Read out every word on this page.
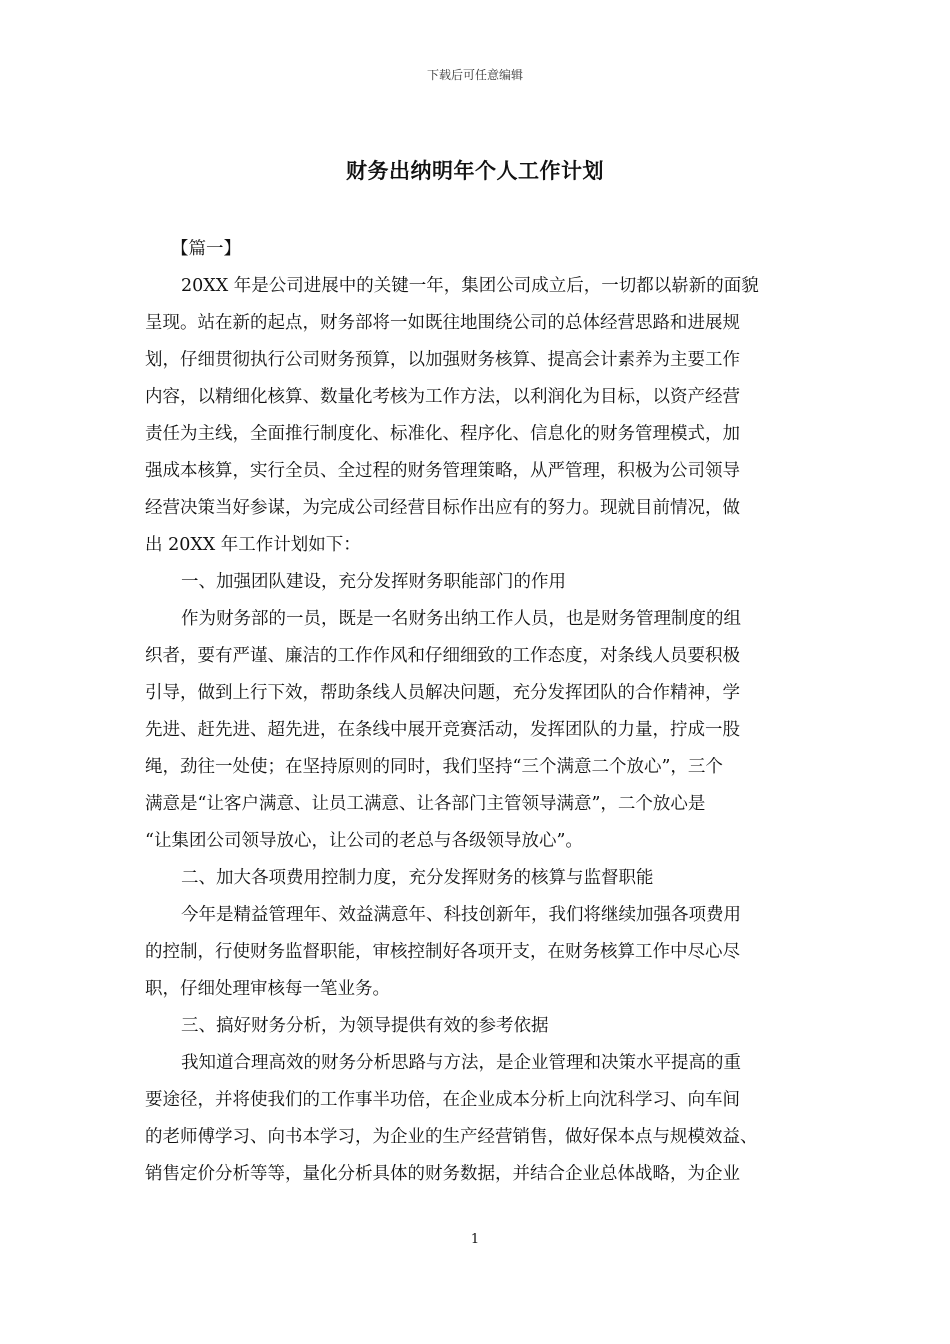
下载后可任意编辑
财务出纳明年个人工作计划
【篇一】
20XX 年是公司进展中的关键一年，集团公司成立后，一切都以崭新的面貌
呈现。站在新的起点，财务部将一如既往地围绕公司的总体经营思路和进展规
划，仔细贯彻执行公司财务预算，以加强财务核算、提高会计素养为主要工作
内容，以精细化核算、数量化考核为工作方法，以利润化为目标，以资产经营
责任为主线，全面推行制度化、标准化、程序化、信息化的财务管理模式，加
强成本核算，实行全员、全过程的财务管理策略，从严管理，积极为公司领导
经营决策当好参谋，为完成公司经营目标作出应有的努力。现就目前情况，做
出 20XX 年工作计划如下：
一、加强团队建设，充分发挥财务职能部门的作用
作为财务部的一员，既是一名财务出纳工作人员，也是财务管理制度的组
织者，要有严谨、廉洁的工作作风和仔细细致的工作态度，对条线人员要积极
引导，做到上行下效，帮助条线人员解决问题，充分发挥团队的合作精神，学
先进、赶先进、超先进，在条线中展开竞赛活动，发挥团队的力量，拧成一股
绳，劲往一处使；在坚持原则的同时，我们坚持“三个满意二个放心”，三个
满意是“让客户满意、让员工满意、让各部门主管领导满意”，二个放心是
“让集团公司领导放心，让公司的老总与各级领导放心”。
二、加大各项费用控制力度，充分发挥财务的核算与监督职能
今年是精益管理年、效益满意年、科技创新年，我们将继续加强各项费用
的控制，行使财务监督职能，审核控制好各项开支，在财务核算工作中尽心尽
职，仔细处理审核每一笔业务。
三、搞好财务分析，为领导提供有效的参考依据
我知道合理高效的财务分析思路与方法，是企业管理和决策水平提高的重
要途径，并将使我们的工作事半功倍，在企业成本分析上向沈科学习、向车间
的老师傅学习、向书本学习，为企业的生产经营销售，做好保本点与规模效益、
销售定价分析等等，量化分析具体的财务数据，并结合企业总体战略，为企业
1
